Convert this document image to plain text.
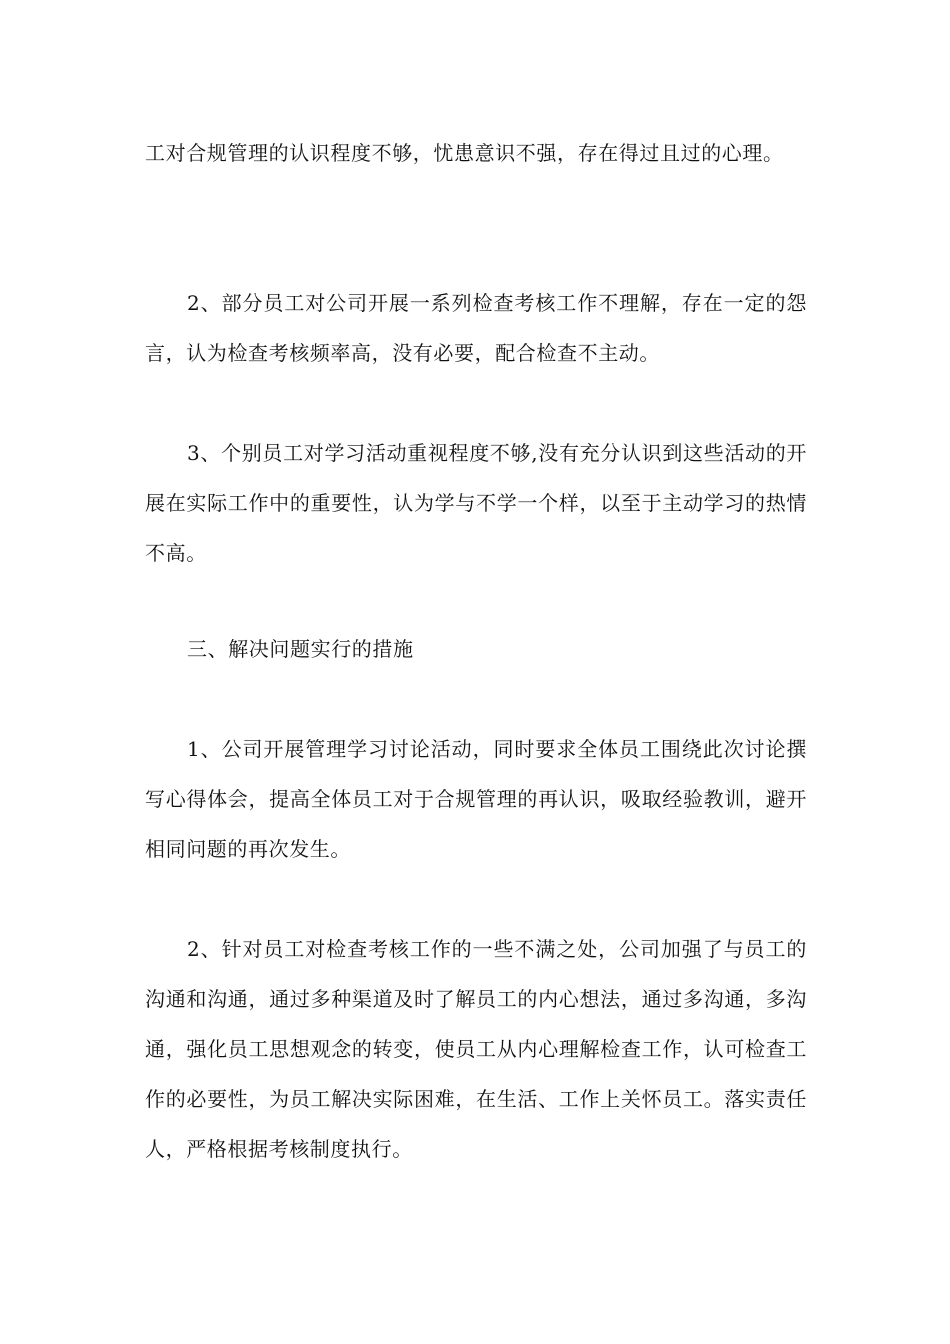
工对合规管理的认识程度不够，忧患意识不强，存在得过且过的心理。

2、部分员工对公司开展一系列检查考核工作不理解，存在一定的怨言，认为检查考核频率高，没有必要，配合检查不主动。

3、个别员工对学习活动重视程度不够,没有充分认识到这些活动的开展在实际工作中的重要性，认为学与不学一个样，以至于主动学习的热情不高。

三、解决问题实行的措施

1、公司开展管理学习讨论活动，同时要求全体员工围绕此次讨论撰写心得体会，提高全体员工对于合规管理的再认识，吸取经验教训，避开相同问题的再次发生。

2、针对员工对检查考核工作的一些不满之处，公司加强了与员工的沟通和沟通，通过多种渠道及时了解员工的内心想法，通过多沟通，多沟通，强化员工思想观念的转变，使员工从内心理解检查工作，认可检查工作的必要性，为员工解决实际困难，在生活、工作上关怀员工。落实责任人，严格根据考核制度执行。
